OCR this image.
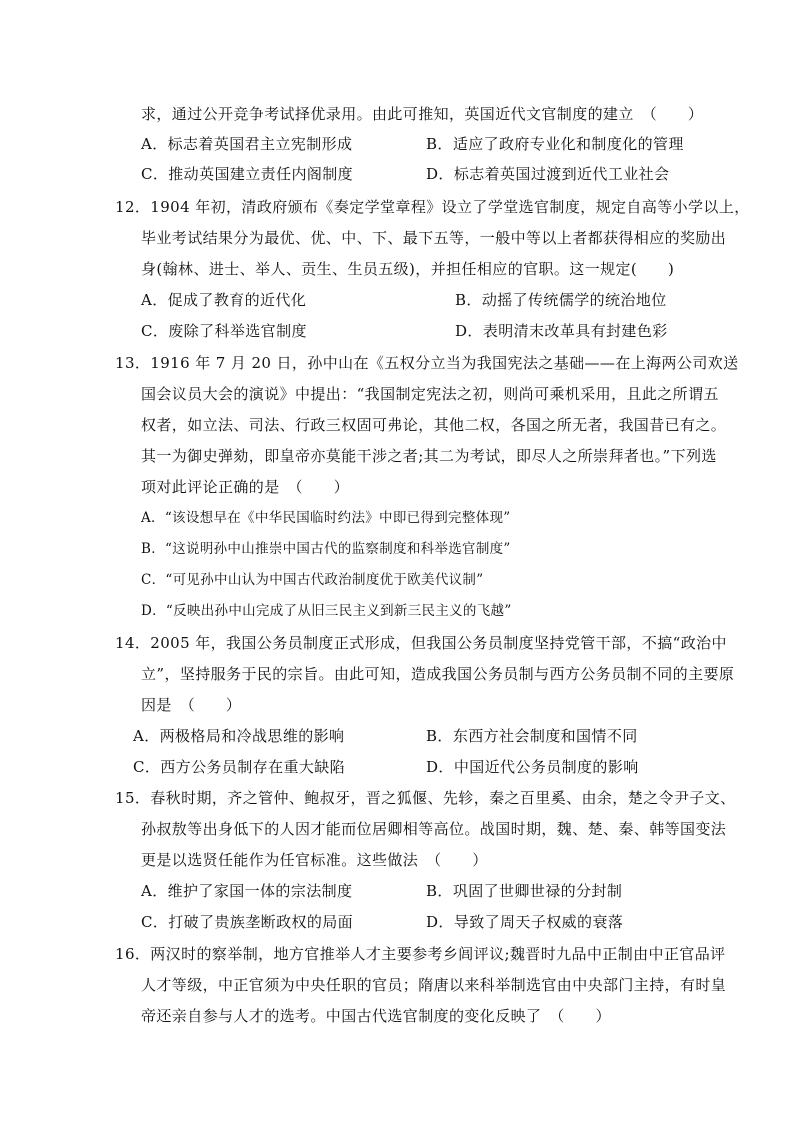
求，通过公开竞争考试择优录用。由此可推知，英国近代文官制度的建立　（　　）
A．标志着英国君主立宪制形成	B．适应了政府专业化和制度化的管理
C．推动英国建立责任内阁制度	D．标志着英国过渡到近代工业社会
12．1904 年初，清政府颁布《奏定学堂章程》设立了学堂选官制度，规定自高等小学以上，
毕业考试结果分为最优、优、中、下、最下五等，一般中等以上者都获得相应的奖励出
身(翰林、进士、举人、贡生、生员五级)，并担任相应的官职。这一规定(　　)
A．促成了教育的近代化	B．动摇了传统儒学的统治地位
C．废除了科举选官制度	D．表明清末改革具有封建色彩
13．1916 年 7 月 20 日，孙中山在《五权分立当为我国宪法之基础——在上海两公司欢送
国会议员大会的演说》中提出：“我国制定宪法之初，则尚可乘机采用，且此之所谓五
权者，如立法、司法、行政三权固可弗论，其他二权，各国之所无者，我国昔已有之。
其一为御史弹劾，即皇帝亦莫能干涉之者;其二为考试，即尽人之所崇拜者也。”下列选
项对此评论正确的是　（　　）
A．“该设想早在《中华民国临时约法》中即已得到完整体现”
B．“这说明孙中山推崇中国古代的监察制度和科举选官制度”
C．“可见孙中山认为中国古代政治制度优于欧美代议制”
D．“反映出孙中山完成了从旧三民主义到新三民主义的飞越”
14．2005 年，我国公务员制度正式形成，但我国公务员制度坚持党管干部，不搞“政治中
立”，坚持服务于民的宗旨。由此可知，造成我国公务员制与西方公务员制不同的主要原
因是　（　　）
A．两极格局和冷战思维的影响	B．东西方社会制度和国情不同
C．西方公务员制存在重大缺陷	D．中国近代公务员制度的影响
15．春秋时期，齐之管仲、鲍叔牙，晋之狐偃、先轸，秦之百里奚、由余，楚之令尹子文、
孙叔敖等出身低下的人因才能而位居卿相等高位。战国时期，魏、楚、秦、韩等国变法
更是以选贤任能作为任官标准。这些做法　（　　）
A．维护了家国一体的宗法制度	B．巩固了世卿世禄的分封制
C．打破了贵族垄断政权的局面	D．导致了周天子权威的衰落
16．两汉时的察举制，地方官推举人才主要参考乡闾评议;魏晋时九品中正制由中正官品评
人才等级，中正官须为中央任职的官员；隋唐以来科举制选官由中央部门主持，有时皇
帝还亲自参与人才的选考。中国古代选官制度的变化反映了　（　　）
